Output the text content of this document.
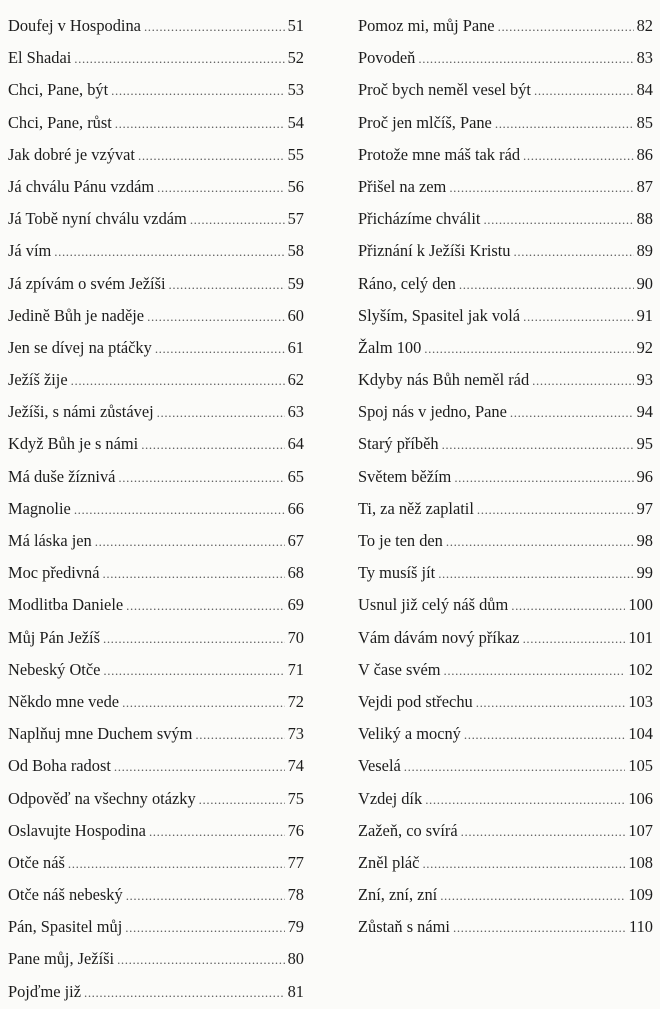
Doufej v Hospodina .....	51
El Shadai .....	52
Chci, Pane, být .....	53
Chci, Pane, růst .....	54
Jak dobré je vzývat .....	55
Já chválu Pánu vzdám .....	56
Já Tobě nyní chválu vzdám .....	57
Já vím .....	58
Já zpívám o svém Ježíši .....	59
Jedině Bůh je naděje .....	60
Jen se dívej na ptáčky .....	61
Ježíš žije .....	62
Ježíši, s námi zůstávej .....	63
Když Bůh je s námi .....	64
Má duše žíznivá .....	65
Magnolie .....	66
Má láska jen .....	67
Moc předivná .....	68
Modlitba Daniele .....	69
Můj Pán Ježíš .....	70
Nebeský Otče .....	71
Někdo mne vede .....	72
Naplňuj mne Duchem svým .....	73
Od Boha radost .....	74
Odpověď na všechny otázky .....	75
Oslavujte Hospodina .....	76
Otče náš .....	77
Otče náš nebeský .....	78
Pán, Spasitel můj .....	79
Pane můj, Ježíši .....	80
Pojďme již .....	81
Pomoz mi, můj Pane .....	82
Povodeň .....	83
Proč bych neměl vesel být .....	84
Proč jen mlčíš, Pane .....	85
Protože mne máš tak rád .....	86
Přišel na zem .....	87
Přicházíme chválit .....	88
Přiznání k Ježíši Kristu .....	89
Ráno, celý den .....	90
Slyším, Spasitel jak volá .....	91
Žalm 100 .....	92
Kdyby nás Bůh neměl rád .....	93
Spoj nás v jedno, Pane .....	94
Starý příběh .....	95
Světem běžím .....	96
Ti, za něž zaplatil .....	97
To je ten den .....	98
Ty musíš jít .....	99
Usnul již celý náš dům .....	100
Vám dávám nový příkaz .....	101
V čase svém .....	102
Vejdi pod střechu .....	103
Veliký a mocný .....	104
Veselá .....	105
Vzdej dík .....	106
Zažeň, co svírá .....	107
Zněl pláč .....	108
Zní, zní, zní .....	109
Zůstaň s námi .....	110
